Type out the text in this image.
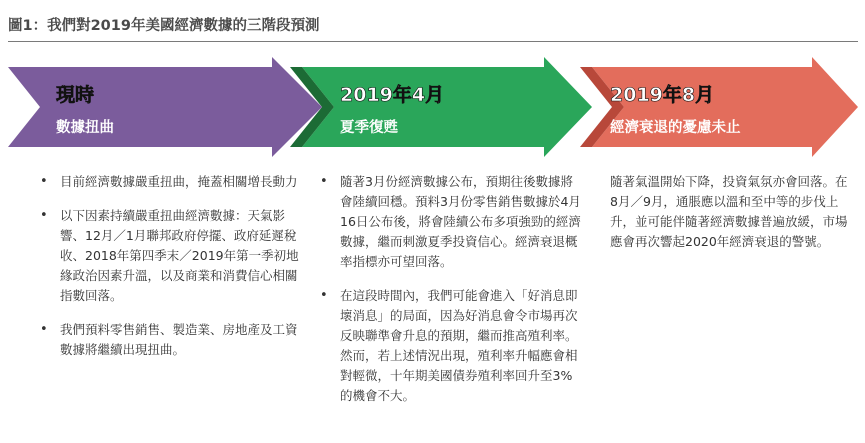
圖1：我們對2019年美國經濟數據的三階段預測
現時
數據扭曲
2019年4月
夏季復甦
2019年8月
經濟衰退的憂慮未止
• 目前經濟數據嚴重扭曲，掩蓋相關增長動力
• 以下因素持續嚴重扭曲經濟數據：天氣影響、12月／1月聯邦政府停擺、政府延遲稅收、2018年第四季末／2019年第一季初地緣政治因素升溫，以及商業和消費信心相關指數回落。
• 我們預料零售銷售、製造業、房地產及工資數據將繼續出現扭曲。
• 隨著3月份經濟數據公布，預期往後數據將會陸續回穩。預料3月份零售銷售數據於4月16日公布後，將會陸續公布多項強勁的經濟數據，繼而刺激夏季投資信心。經濟衰退概率指標亦可望回落。
• 在這段時間內，我們可能會進入「好消息即壞消息」的局面，因為好消息會令市場再次反映聯準會升息的預期，繼而推高殖利率。然而，若上述情況出現，殖利率升幅應會相對輕微，十年期美國債券殖利率回升至3%的機會不大。

隨著氣溫開始下降，投資氣氛亦會回落。在8月／9月，通脹應以溫和至中等的步伐上升，並可能伴隨著經濟數據普遍放緩，市場應會再次響起2020年經濟衰退的警號。
